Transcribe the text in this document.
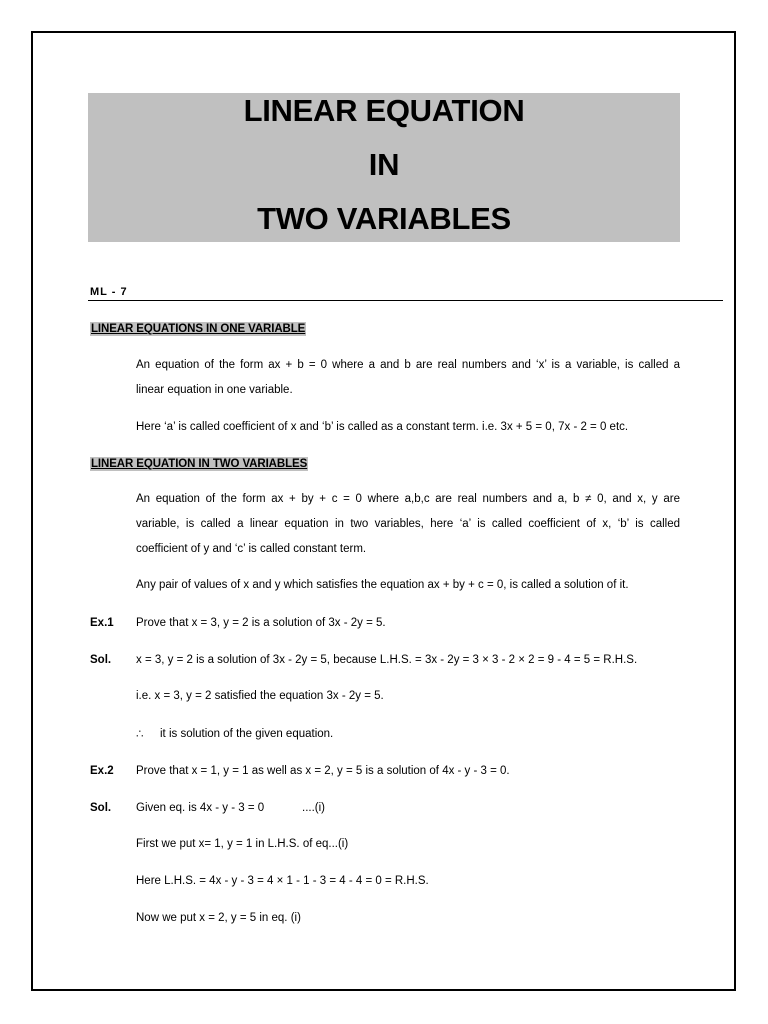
LINEAR EQUATION
IN
TWO VARIABLES
ML - 7
LINEAR EQUATIONS IN ONE VARIABLE
An equation of the form ax + b = 0 where a and b are real numbers and ‘x’ is a variable, is called a
linear equation in one variable.
Here ‘a’ is called coefficient of x and ‘b’ is called as a constant term. i.e. 3x + 5 = 0, 7x - 2 = 0 etc.
LINEAR EQUATION IN TWO VARIABLES
An equation of the form ax + by + c = 0 where a,b,c are real numbers and a, b ≠ 0, and x, y are
variable, is called a linear equation in two variables, here ‘a’ is called coefficient of x, ‘b’ is called
coefficient of y and ‘c’ is called constant term.
Any pair of values of x and y which satisfies the equation ax + by + c = 0, is called a solution of it.
Ex.1 Prove that x = 3, y = 2 is a solution of 3x - 2y = 5.
Sol. x = 3, y = 2 is a solution of 3x - 2y = 5, because L.H.S. = 3x - 2y = 3 × 3 - 2 × 2 = 9 - 4 = 5 = R.H.S.
i.e. x = 3, y = 2 satisfied the equation 3x - 2y = 5.
∴ it is solution of the given equation.
Ex.2 Prove that x = 1, y = 1 as well as x = 2, y = 5 is a solution of 4x - y - 3 = 0.
Sol. Given eq. is 4x - y - 3 = 0	....(i)
First we put x= 1, y = 1 in L.H.S. of eq...(i)
Here L.H.S. = 4x - y - 3 = 4 × 1 - 1 - 3 = 4 - 4 = 0 = R.H.S.
Now we put x = 2, y = 5 in eq. (i)
